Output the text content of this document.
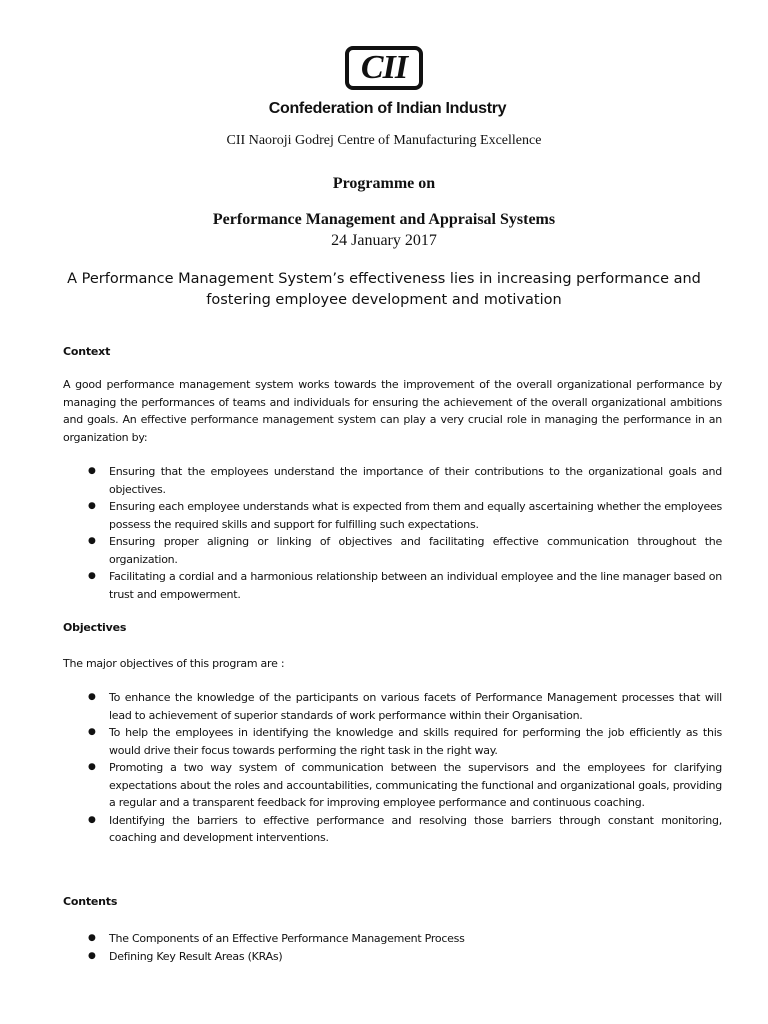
CII
Confederation of Indian Industry
CII Naoroji Godrej Centre of Manufacturing Excellence
Programme on
Performance Management and Appraisal Systems
24 January 2017
A Performance Management System’s effectiveness lies in increasing performance and fostering employee development and motivation
Context
A good performance management system works towards the improvement of the overall organizational performance by managing the performances of teams and individuals for ensuring the achievement of the overall organizational ambitions and goals. An effective performance management system can play a very crucial role in managing the performance in an organization by:
● Ensuring that the employees understand the importance of their contributions to the organizational goals and objectives.
● Ensuring each employee understands what is expected from them and equally ascertaining whether the employees possess the required skills and support for fulfilling such expectations.
● Ensuring proper aligning or linking of objectives and facilitating effective communication throughout the organization.
● Facilitating a cordial and a harmonious relationship between an individual employee and the line manager based on trust and empowerment.
Objectives
The major objectives of this program are :
● To enhance the knowledge of the participants on various facets of Performance Management processes that will lead to achievement of superior standards of work performance within their Organisation.
● To help the employees in identifying the knowledge and skills required for performing the job efficiently as this would drive their focus towards performing the right task in the right way.
● Promoting a two way system of communication between the supervisors and the employees for clarifying expectations about the roles and accountabilities, communicating the functional and organizational goals, providing a regular and a transparent feedback for improving employee performance and continuous coaching.
● Identifying the barriers to effective performance and resolving those barriers through constant monitoring, coaching and development interventions.
Contents
● The Components of an Effective Performance Management Process
● Defining Key Result Areas (KRAs)
